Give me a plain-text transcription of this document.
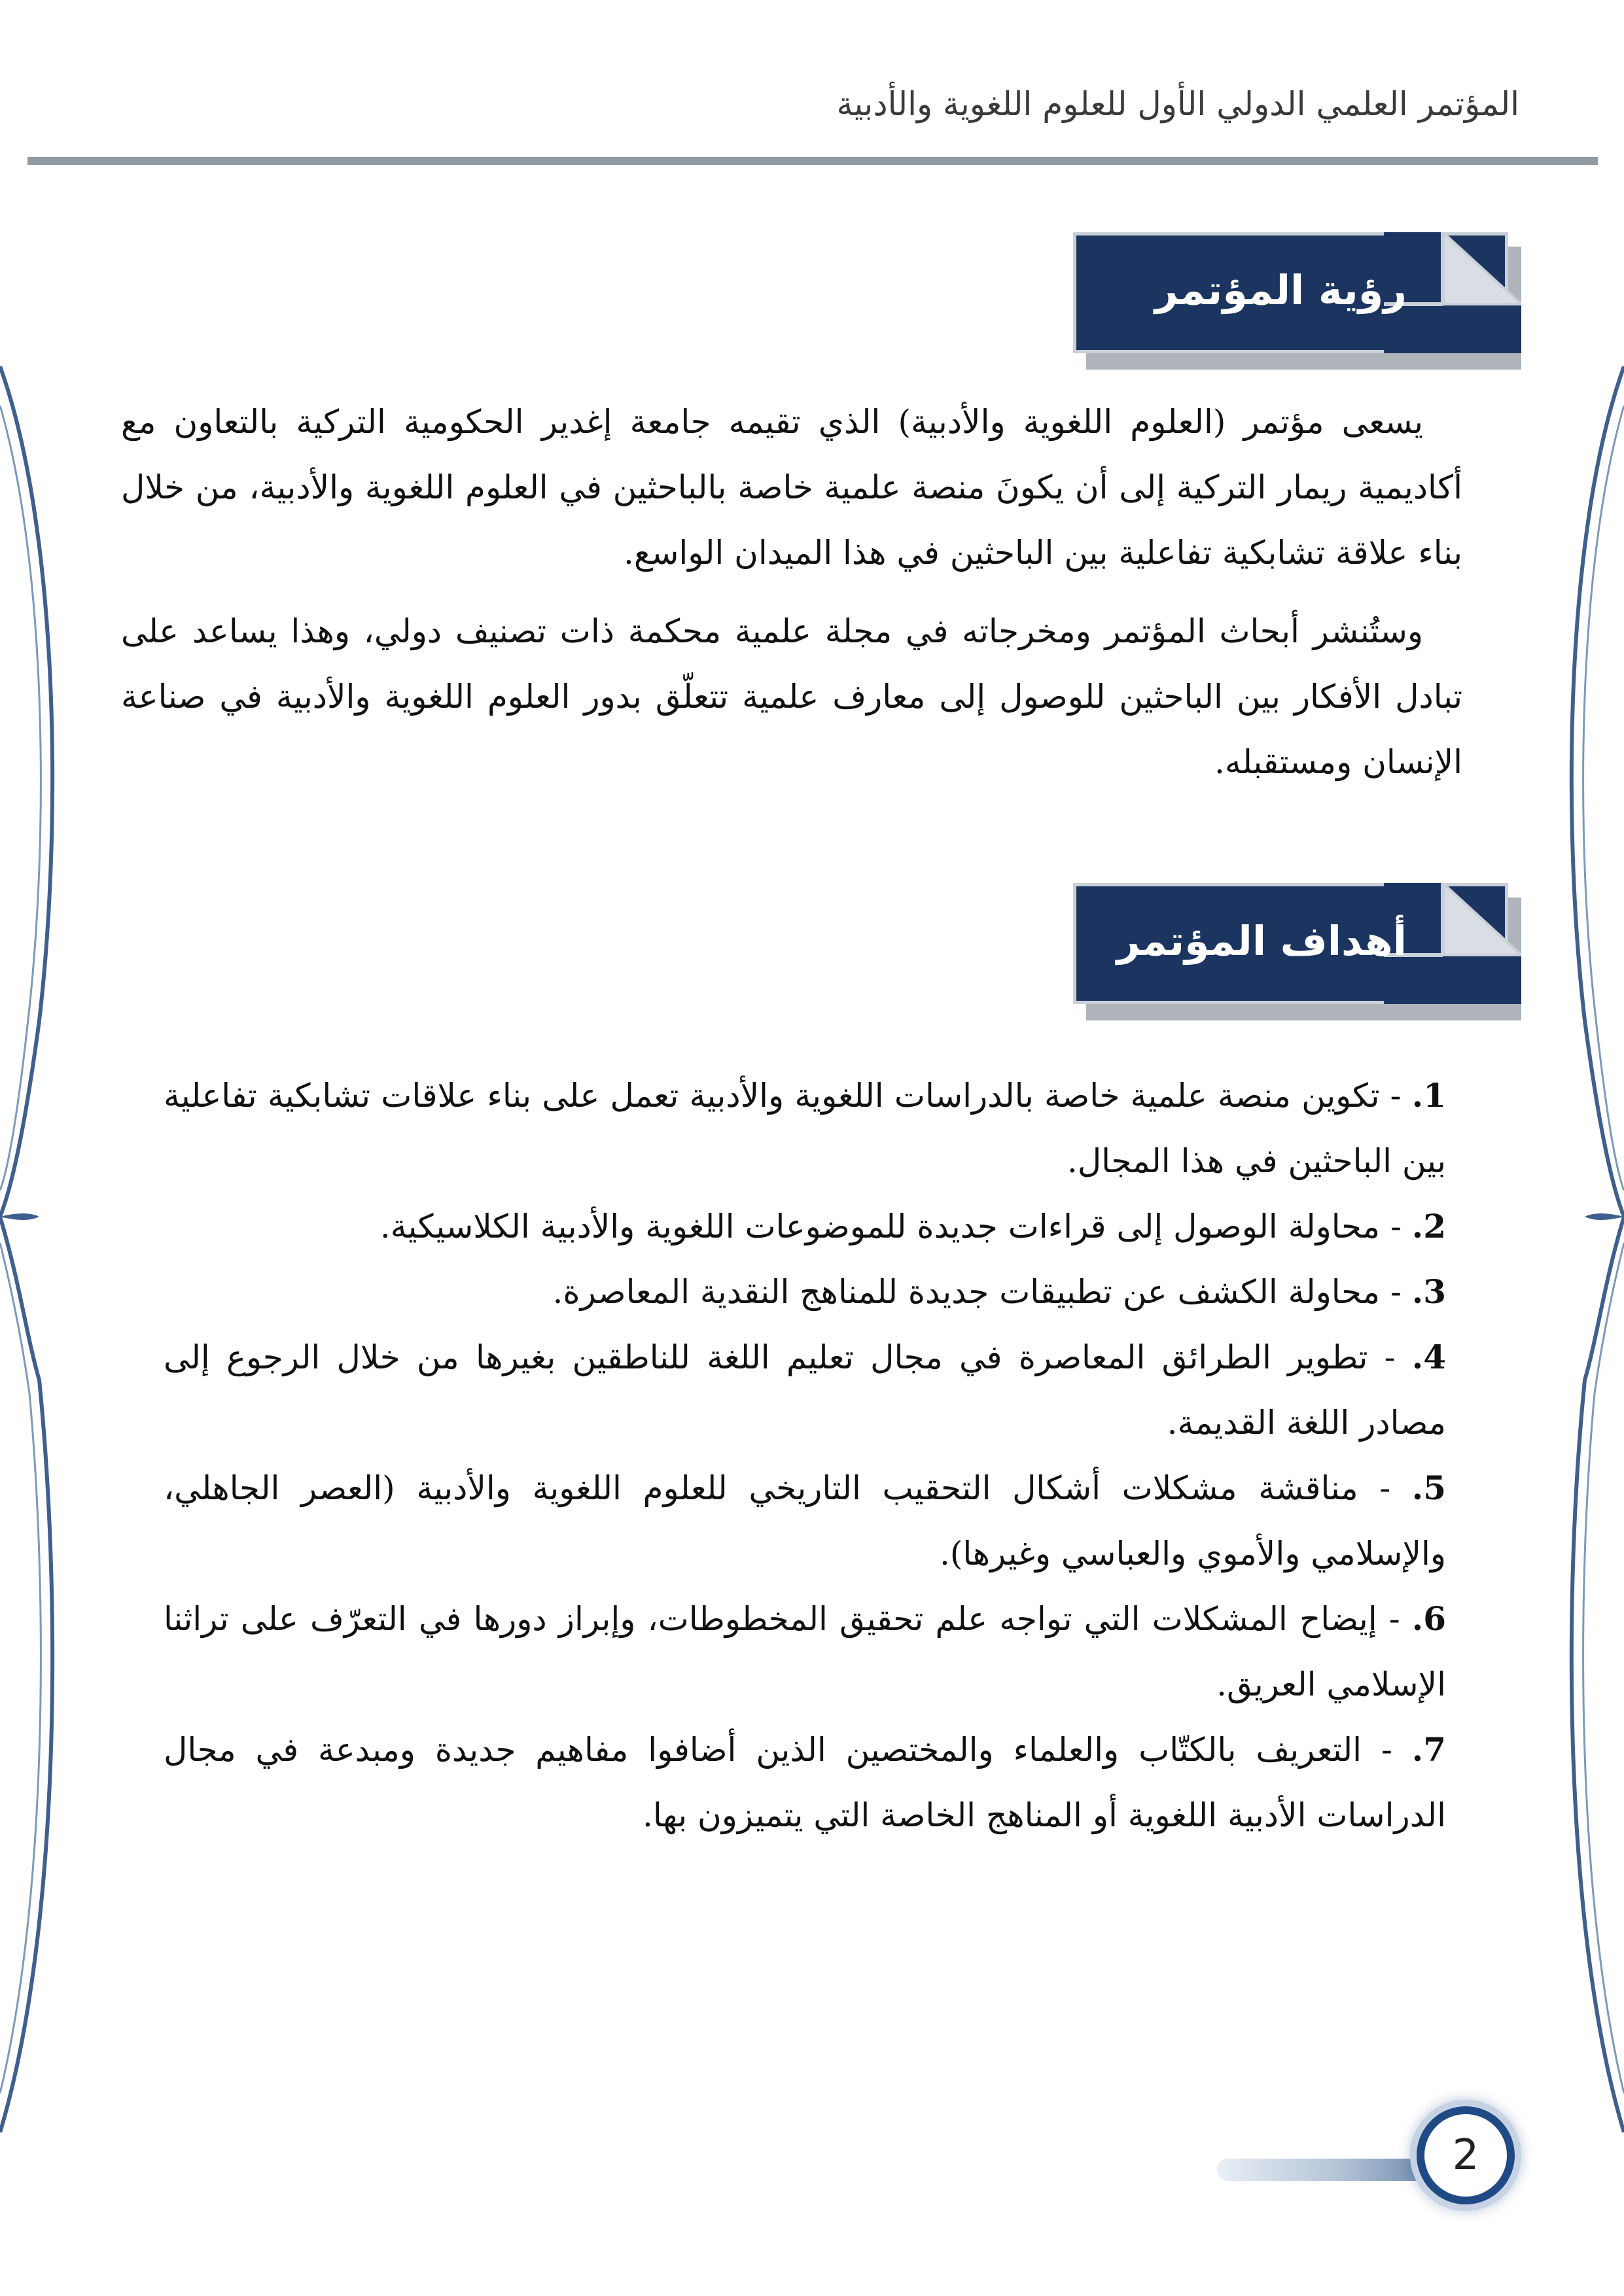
المؤتمر العلمي الدولي الأول للعلوم اللغوية والأدبية
رؤية المؤتمر

يسعى مؤتمر (العلوم اللغوية والأدبية) الذي تقيمه جامعة إغدير الحكومية التركية بالتعاون مع أكاديمية ريمار التركية إلى أن يكونَ منصة علمية خاصة بالباحثين في العلوم اللغوية والأدبية، من خلال بناء علاقة تشابكية تفاعلية بين الباحثين في هذا الميدان الواسع.

وستُنشر أبحاث المؤتمر ومخرجاته في مجلة علمية محكمة ذات تصنيف دولي، وهذا يساعد على تبادل الأفكار بين الباحثين للوصول إلى معارف علمية تتعلّق بدور العلوم اللغوية والأدبية في صناعة الإنسان ومستقبله.

أهداف المؤتمر
1. - تكوين منصة علمية خاصة بالدراسات اللغوية والأدبية تعمل على بناء علاقات تشابكية تفاعلية بين الباحثين في هذا المجال.
2. - محاولة الوصول إلى قراءات جديدة للموضوعات اللغوية والأدبية الكلاسيكية.
3. - محاولة الكشف عن تطبيقات جديدة للمناهج النقدية المعاصرة.
4. - تطوير الطرائق المعاصرة في مجال تعليم اللغة للناطقين بغيرها من خلال الرجوع إلى مصادر اللغة القديمة.
5. - مناقشة مشكلات أشكال التحقيب التاريخي للعلوم اللغوية والأدبية (العصر الجاهلي، والإسلامي والأموي والعباسي وغيرها).
6. - إيضاح المشكلات التي تواجه علم تحقيق المخطوطات، وإبراز دورها في التعرّف على تراثنا الإسلامي العريق.
7. - التعريف بالكتّاب والعلماء والمختصين الذين أضافوا مفاهيم جديدة ومبدعة في مجال الدراسات الأدبية اللغوية أو المناهج الخاصة التي يتميزون بها.
2
